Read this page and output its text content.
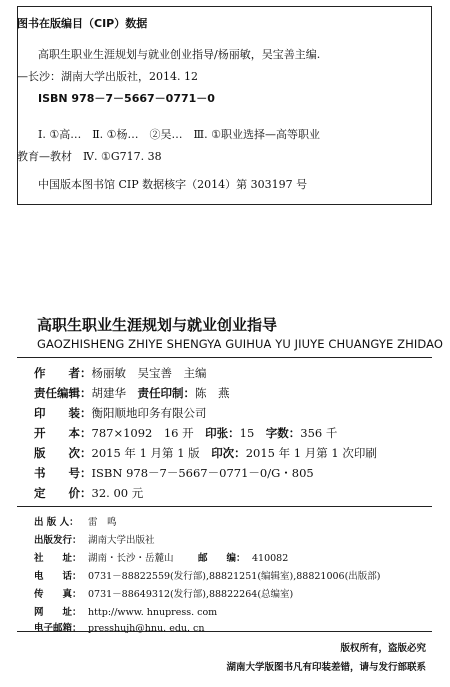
图书在版编目（CIP）数据
高职生职业生涯规划与就业创业指导/杨丽敏，吴宝善主编.
—长沙：湖南大学出版社，2014. 12
ISBN 978－7－5667－0771－0
Ⅰ. ①高…　Ⅱ. ①杨…　②吴…　Ⅲ. ①职业选择—高等职业
教育—教材　Ⅳ. ①G717. 38
中国版本图书馆 CIP 数据核字（2014）第 303197 号
高职生职业生涯规划与就业创业指导
GAOZHISHENG ZHIYE SHENGYA GUIHUA YU JIUYE CHUANGYE ZHIDAO
作　　者：杨丽敏　吴宝善　主编
责任编辑：胡建华　责任印制：陈　燕
印　　装：衡阳顺地印务有限公司
开　　本：787×1092　16 开　印张：15　字数：356 千
版　　次：2015 年 1 月第 1 版　印次：2015 年 1 月第 1 次印刷
书　　号：ISBN 978－7－5667－0771－0/G・805
定　　价：32. 00 元
出 版 人： 雷　鸣
出版发行： 湖南大学出版社
社　　址： 湖南・长沙・岳麓山	邮　　编： 410082
电　　话： 0731－88822559(发行部),88821251(编辑室),88821006(出版部)
传　　真： 0731－88649312(发行部),88822264(总编室)
网　　址： http://www. hnupress. com
电子邮箱： presshujh@hnu. edu. cn
版权所有，盗版必究
湖南大学版图书凡有印装差错，请与发行部联系
